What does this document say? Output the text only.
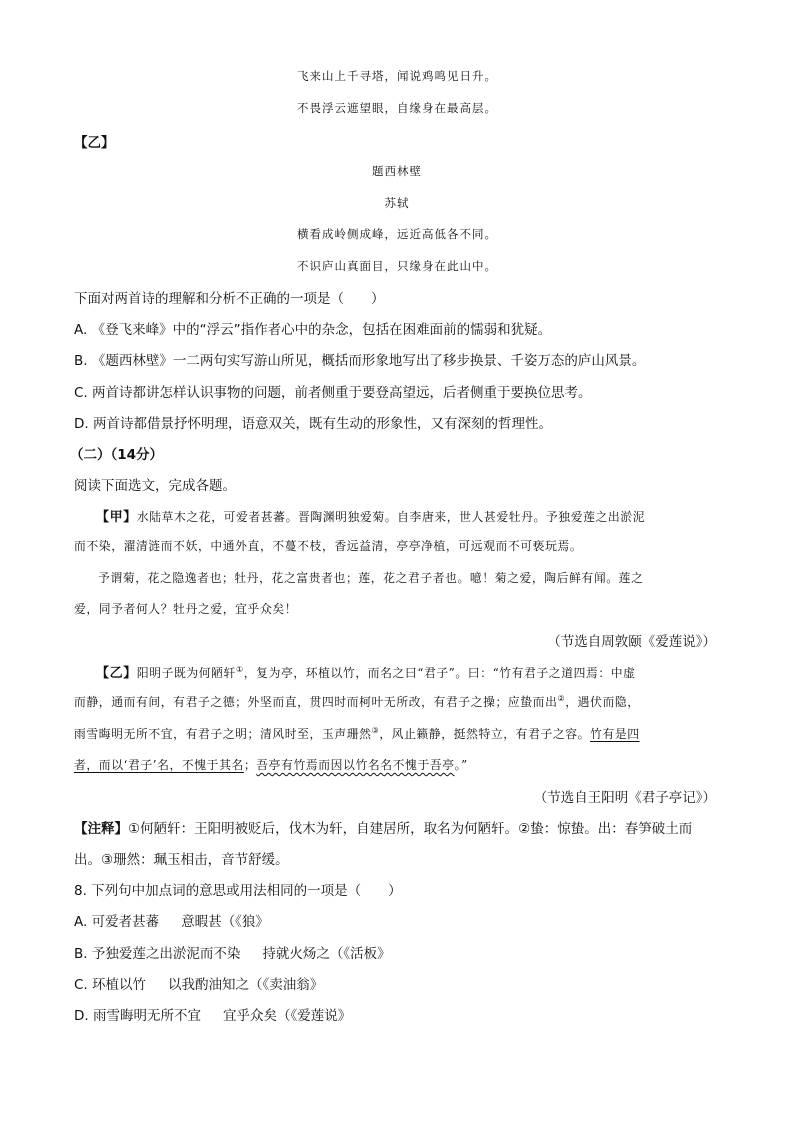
飞来山上千寻塔，闻说鸡鸣见日升。
不畏浮云遮望眼，自缘身在最高层。
【乙】
题西林壁
苏轼
横看成岭侧成峰，远近高低各不同。
不识庐山真面目，只缘身在此山中。
下面对两首诗的理解和分析不正确的一项是（　　）
A. 《登飞来峰》中的“浮云”指作者心中的杂念，包括在困难面前的懦弱和犹疑。
B. 《题西林壁》一二两句实写游山所见，概括而形象地写出了移步换景、千姿万态的庐山风景。
C. 两首诗都讲怎样认识事物的问题，前者侧重于要登高望远，后者侧重于要换位思考。
D. 两首诗都借景抒怀明理，语意双关，既有生动的形象性，又有深刻的哲理性。
（二）（14分）
阅读下面选文，完成各题。
【甲】水陆草木之花，可爱者甚蕃。晋陶渊明独爱菊。自李唐来，世人甚爱牡丹。予独爱莲之出淤泥
而不染，濯清涟而不妖，中通外直，不蔓不枝，香远益清，亭亭净植，可远观而不可亵玩焉。
予谓菊，花之隐逸者也；牡丹，花之富贵者也；莲，花之君子者也。噫！菊之爱，陶后鲜有闻。莲之
爱，同予者何人？牡丹之爱，宜乎众矣！
（节选自周敦颐《爱莲说》）
【乙】阳明子既为何陋轩①，复为亭，环植以竹，而名之曰“君子”。曰：“竹有君子之道四焉：中虚
而静，通而有间，有君子之德；外坚而直，贯四时而柯叶无所改，有君子之操；应蛰而出②，遇伏而隐，
雨雪晦明无所不宜，有君子之明；清风时至，玉声珊然③，风止籁静，挺然特立，有君子之容。竹有是四
者，而以‘君子’名，不愧于其名；吾亭有竹焉而因以竹名名不愧于吾亭。”
（节选自王阳明《君子亭记》）
【注释】①何陋轩：王阳明被贬后，伐木为轩，自建居所，取名为何陋轩。②蛰：惊蛰。出：春笋破土而
出。③珊然：珮玉相击，音节舒缓。
8. 下列句中加点词的意思或用法相同的一项是（　　）
A. 可爱者甚蕃 意暇甚（《狼》
B. 予独爱莲之出淤泥而不染 持就火炀之（《活板》
C. 环植以竹 以我酌油知之（《卖油翁》
D. 雨雪晦明无所不宜 宜乎众矣（《爱莲说》
